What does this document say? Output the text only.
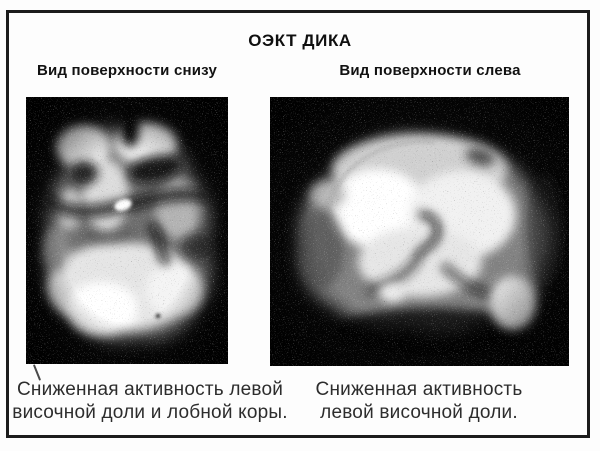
ОЭКТ ДИКА
Вид поверхности снизу	Вид поверхности слева
Сниженная активность левой
височной доли и лобной коры.
Сниженная активность
левой височной доли.
